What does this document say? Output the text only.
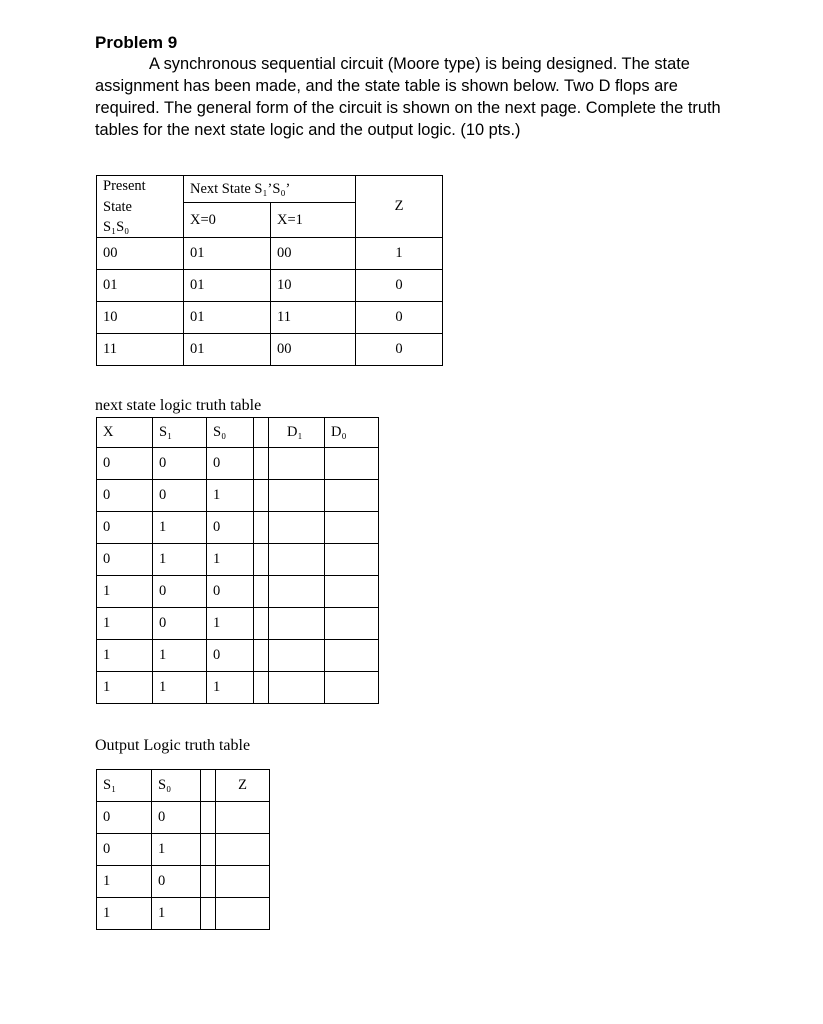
Problem 9
A synchronous sequential circuit (Moore type) is being designed. The state
assignment has been made, and the state table is shown below. Two D flops are
required. The general form of the circuit is shown on the next page. Complete the truth
tables for the next state logic and the output logic. (10 pts.)
Present
State
S₁S₀	Next State S₁’S₀’		Z

	X=0	X=1	

00	01	00	1

01	01	10	0

10	01	11	0

11	01	00	0
next state logic truth table
X	S₁	S₀		D₁	D₀

0	0	0			

0	0	1			

0	1	0			

0	1	1			

1	0	0			

1	0	1			

1	1	0			

1	1	1			

Output Logic truth table
S₁	S₀		Z

0	0		

0	1		

1	0		

1	1		
